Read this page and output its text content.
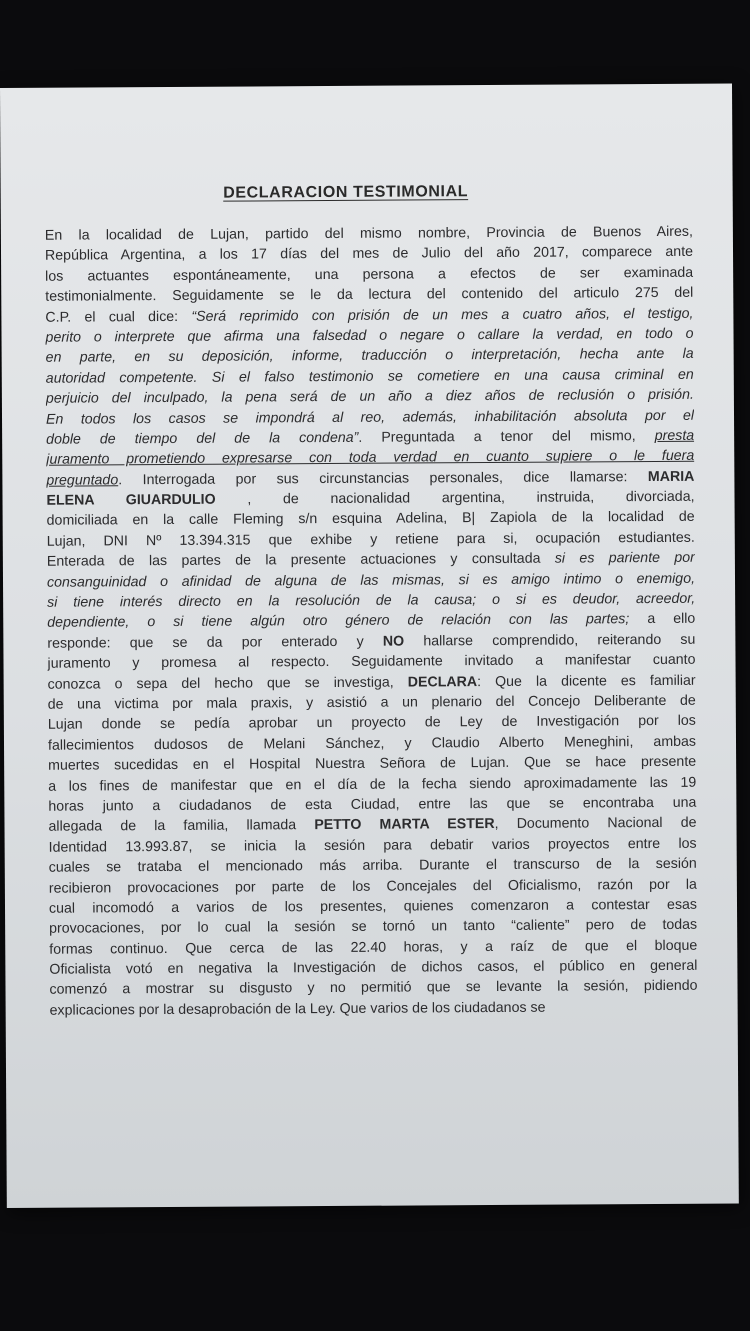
DECLARACION TESTIMONIAL
En la localidad de Lujan, partido del mismo nombre, Provincia de Buenos Aires,
República Argentina, a los 17 días del mes de Julio del año 2017, comparece ante
los actuantes espontáneamente, una persona a efectos de ser examinada
testimonialmente. Seguidamente se le da lectura del contenido del articulo 275 del
C.P. el cual dice: “Será reprimido con prisión de un mes a cuatro años, el testigo,
perito o interprete que afirma una falsedad o negare o callare la verdad, en todo o
en parte, en su deposición, informe, traducción o interpretación, hecha ante la
autoridad competente. Si el falso testimonio se cometiere en una causa criminal en
perjuicio del inculpado, la pena será de un año a diez años de reclusión o prisión.
En todos los casos se impondrá al reo, además, inhabilitación absoluta por el
doble de tiempo del de la condena”. Preguntada a tenor del mismo, presta
juramento prometiendo expresarse con toda verdad en cuanto supiere o le fuera
preguntado. Interrogada por sus circunstancias personales, dice llamarse: MARIA
ELENA GIUARDULIO , de nacionalidad argentina, instruida, divorciada,
domiciliada en la calle Fleming s/n esquina Adelina, B| Zapiola de la localidad de
Lujan, DNI Nº 13.394.315 que exhibe y retiene para si, ocupación estudiantes.
Enterada de las partes de la presente actuaciones y consultada si es pariente por
consanguinidad o afinidad de alguna de las mismas, si es amigo intimo o enemigo,
si tiene interés directo en la resolución de la causa; o si es deudor, acreedor,
dependiente, o si tiene algún otro género de relación con las partes; a ello
responde: que se da por enterado y NO hallarse comprendido, reiterando su
juramento y promesa al respecto. Seguidamente invitado a manifestar cuanto
conozca o sepa del hecho que se investiga, DECLARA: Que la dicente es familiar
de una victima por mala praxis, y asistió a un plenario del Concejo Deliberante de
Lujan donde se pedía aprobar un proyecto de Ley de Investigación por los
fallecimientos dudosos de Melani Sánchez, y Claudio Alberto Meneghini, ambas
muertes sucedidas en el Hospital Nuestra Señora de Lujan. Que se hace presente
a los fines de manifestar que en el día de la fecha siendo aproximadamente las 19
horas junto a ciudadanos de esta Ciudad, entre las que se encontraba una
allegada de la familia, llamada PETTO MARTA ESTER, Documento Nacional de
Identidad 13.993.87, se inicia la sesión para debatir varios proyectos entre los
cuales se trataba el mencionado más arriba. Durante el transcurso de la sesión
recibieron provocaciones por parte de los Concejales del Oficialismo, razón por la
cual incomodó a varios de los presentes, quienes comenzaron a contestar esas
provocaciones, por lo cual la sesión se tornó un tanto “caliente” pero de todas
formas continuo. Que cerca de las 22.40 horas, y a raíz de que el bloque
Oficialista votó en negativa la Investigación de dichos casos, el público en general
comenzó a mostrar su disgusto y no permitió que se levante la sesión, pidiendo
explicaciones por la desaprobación de la Ley. Que varios de los ciudadanos se
